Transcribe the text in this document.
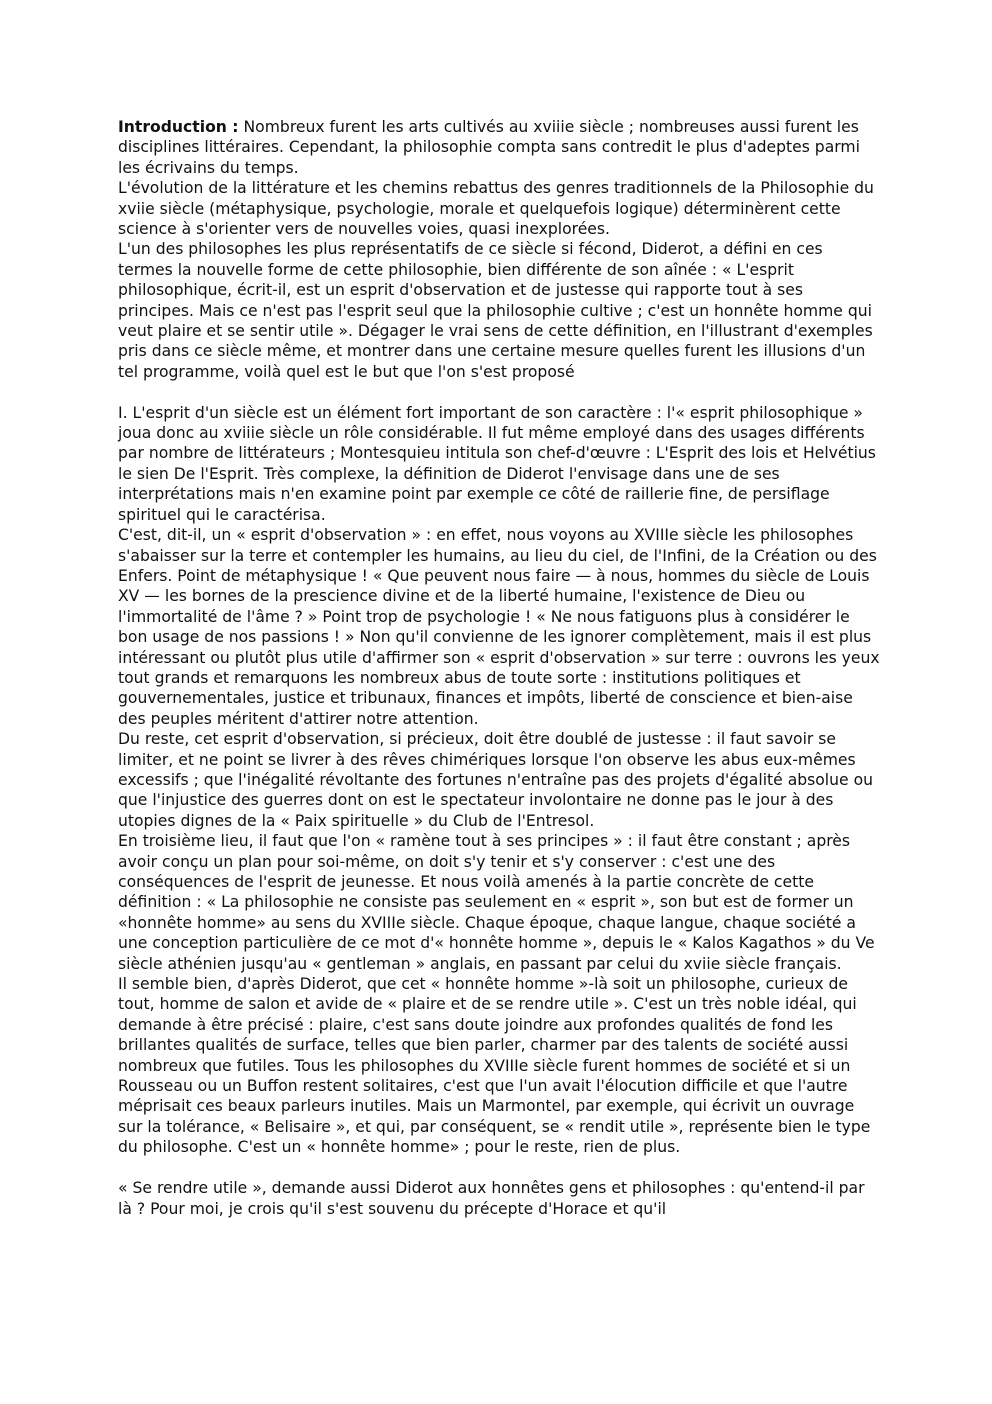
Introduction : Nombreux furent les arts cultivés au xviiie siècle ; nombreuses aussi furent les disciplines littéraires. Cependant, la philosophie compta sans contredit le plus d'adeptes parmi les écrivains du temps.

L'évolution de la littérature et les chemins rebattus des genres traditionnels de la Philosophie du xviie siècle (métaphysique, psychologie, morale et quelquefois logique) déterminèrent cette science à s'orienter vers de nouvelles voies, quasi inexplorées.

L'un des philosophes les plus représentatifs de ce siècle si fécond, Diderot, a défini en ces termes la nouvelle forme de cette philosophie, bien différente de son aînée : « L'esprit philosophique, écrit-il, est un esprit d'observation et de justesse qui rapporte tout à ses principes. Mais ce n'est pas l'esprit seul que la philosophie cultive ; c'est un honnête homme qui veut plaire et se sentir utile ». Dégager le vrai sens de cette définition, en l'illustrant d'exemples pris dans ce siècle même, et montrer dans une certaine mesure quelles furent les illusions d'un tel programme, voilà quel est le but que l'on s'est proposé

I. L'esprit d'un siècle est un élément fort important de son caractère : l'« esprit philosophique » joua donc au xviiie siècle un rôle considérable. Il fut même employé dans des usages différents par nombre de littérateurs ; Montesquieu intitula son chef-d'œuvre : L'Esprit des lois et Helvétius le sien De l'Esprit. Très complexe, la définition de Diderot l'envisage dans une de ses interprétations mais n'en examine point par exemple ce côté de raillerie fine, de persiflage spirituel qui le caractérisa.

C'est, dit-il, un « esprit d'observation » : en effet, nous voyons au XVIIIe siècle les philosophes s'abaisser sur la terre et contempler les humains, au lieu du ciel, de l'Infini, de la Création ou des Enfers. Point de métaphysique ! « Que peuvent nous faire — à nous, hommes du siècle de Louis XV — les bornes de la prescience divine et de la liberté humaine, l'existence de Dieu ou l'immortalité de l'âme ? » Point trop de psychologie ! « Ne nous fatiguons plus à considérer le bon usage de nos passions ! » Non qu'il convienne de les ignorer complètement, mais il est plus intéressant ou plutôt plus utile d'affirmer son « esprit d'observation » sur terre : ouvrons les yeux tout grands et remarquons les nombreux abus de toute sorte : institutions politiques et gouvernementales, justice et tribunaux, finances et impôts, liberté de conscience et bien-aise des peuples méritent d'attirer notre attention.

Du reste, cet esprit d'observation, si précieux, doit être doublé de justesse : il faut savoir se limiter, et ne point se livrer à des rêves chimériques lorsque l'on observe les abus eux-mêmes excessifs ; que l'inégalité révoltante des fortunes n'entraîne pas des projets d'égalité absolue ou que l'injustice des guerres dont on est le spectateur involontaire ne donne pas le jour à des utopies dignes de la « Paix spirituelle » du Club de l'Entresol.

En troisième lieu, il faut que l'on « ramène tout à ses principes » : il faut être constant ; après avoir conçu un plan pour soi-même, on doit s'y tenir et s'y conserver : c'est une des conséquences de l'esprit de jeunesse. Et nous voilà amenés à la partie concrète de cette définition : « La philosophie ne consiste pas seulement en « esprit », son but est de former un «honnête homme» au sens du XVIIIe siècle. Chaque époque, chaque langue, chaque société a une conception particulière de ce mot d'« honnête homme », depuis le « Kalos Kagathos » du Ve siècle athénien jusqu'au « gentleman » anglais, en passant par celui du xviie siècle français.

Il semble bien, d'après Diderot, que cet « honnête homme »-là soit un philosophe, curieux de tout, homme de salon et avide de « plaire et de se rendre utile ». C'est un très noble idéal, qui demande à être précisé : plaire, c'est sans doute joindre aux profondes qualités de fond les brillantes qualités de surface, telles que bien parler, charmer par des talents de société aussi nombreux que futiles. Tous les philosophes du XVIIIe siècle furent hommes de société et si un Rousseau ou un Buffon restent solitaires, c'est que l'un avait l'élocution difficile et que l'autre méprisait ces beaux parleurs inutiles. Mais un Marmontel, par exemple, qui écrivit un ouvrage sur la tolérance, « Belisaire », et qui, par conséquent, se « rendit utile », représente bien le type du philosophe. C'est un « honnête homme» ; pour le reste, rien de plus.

« Se rendre utile », demande aussi Diderot aux honnêtes gens et philosophes : qu'entend-il par là ? Pour moi, je crois qu'il s'est souvenu du précepte d'Horace et qu'il
